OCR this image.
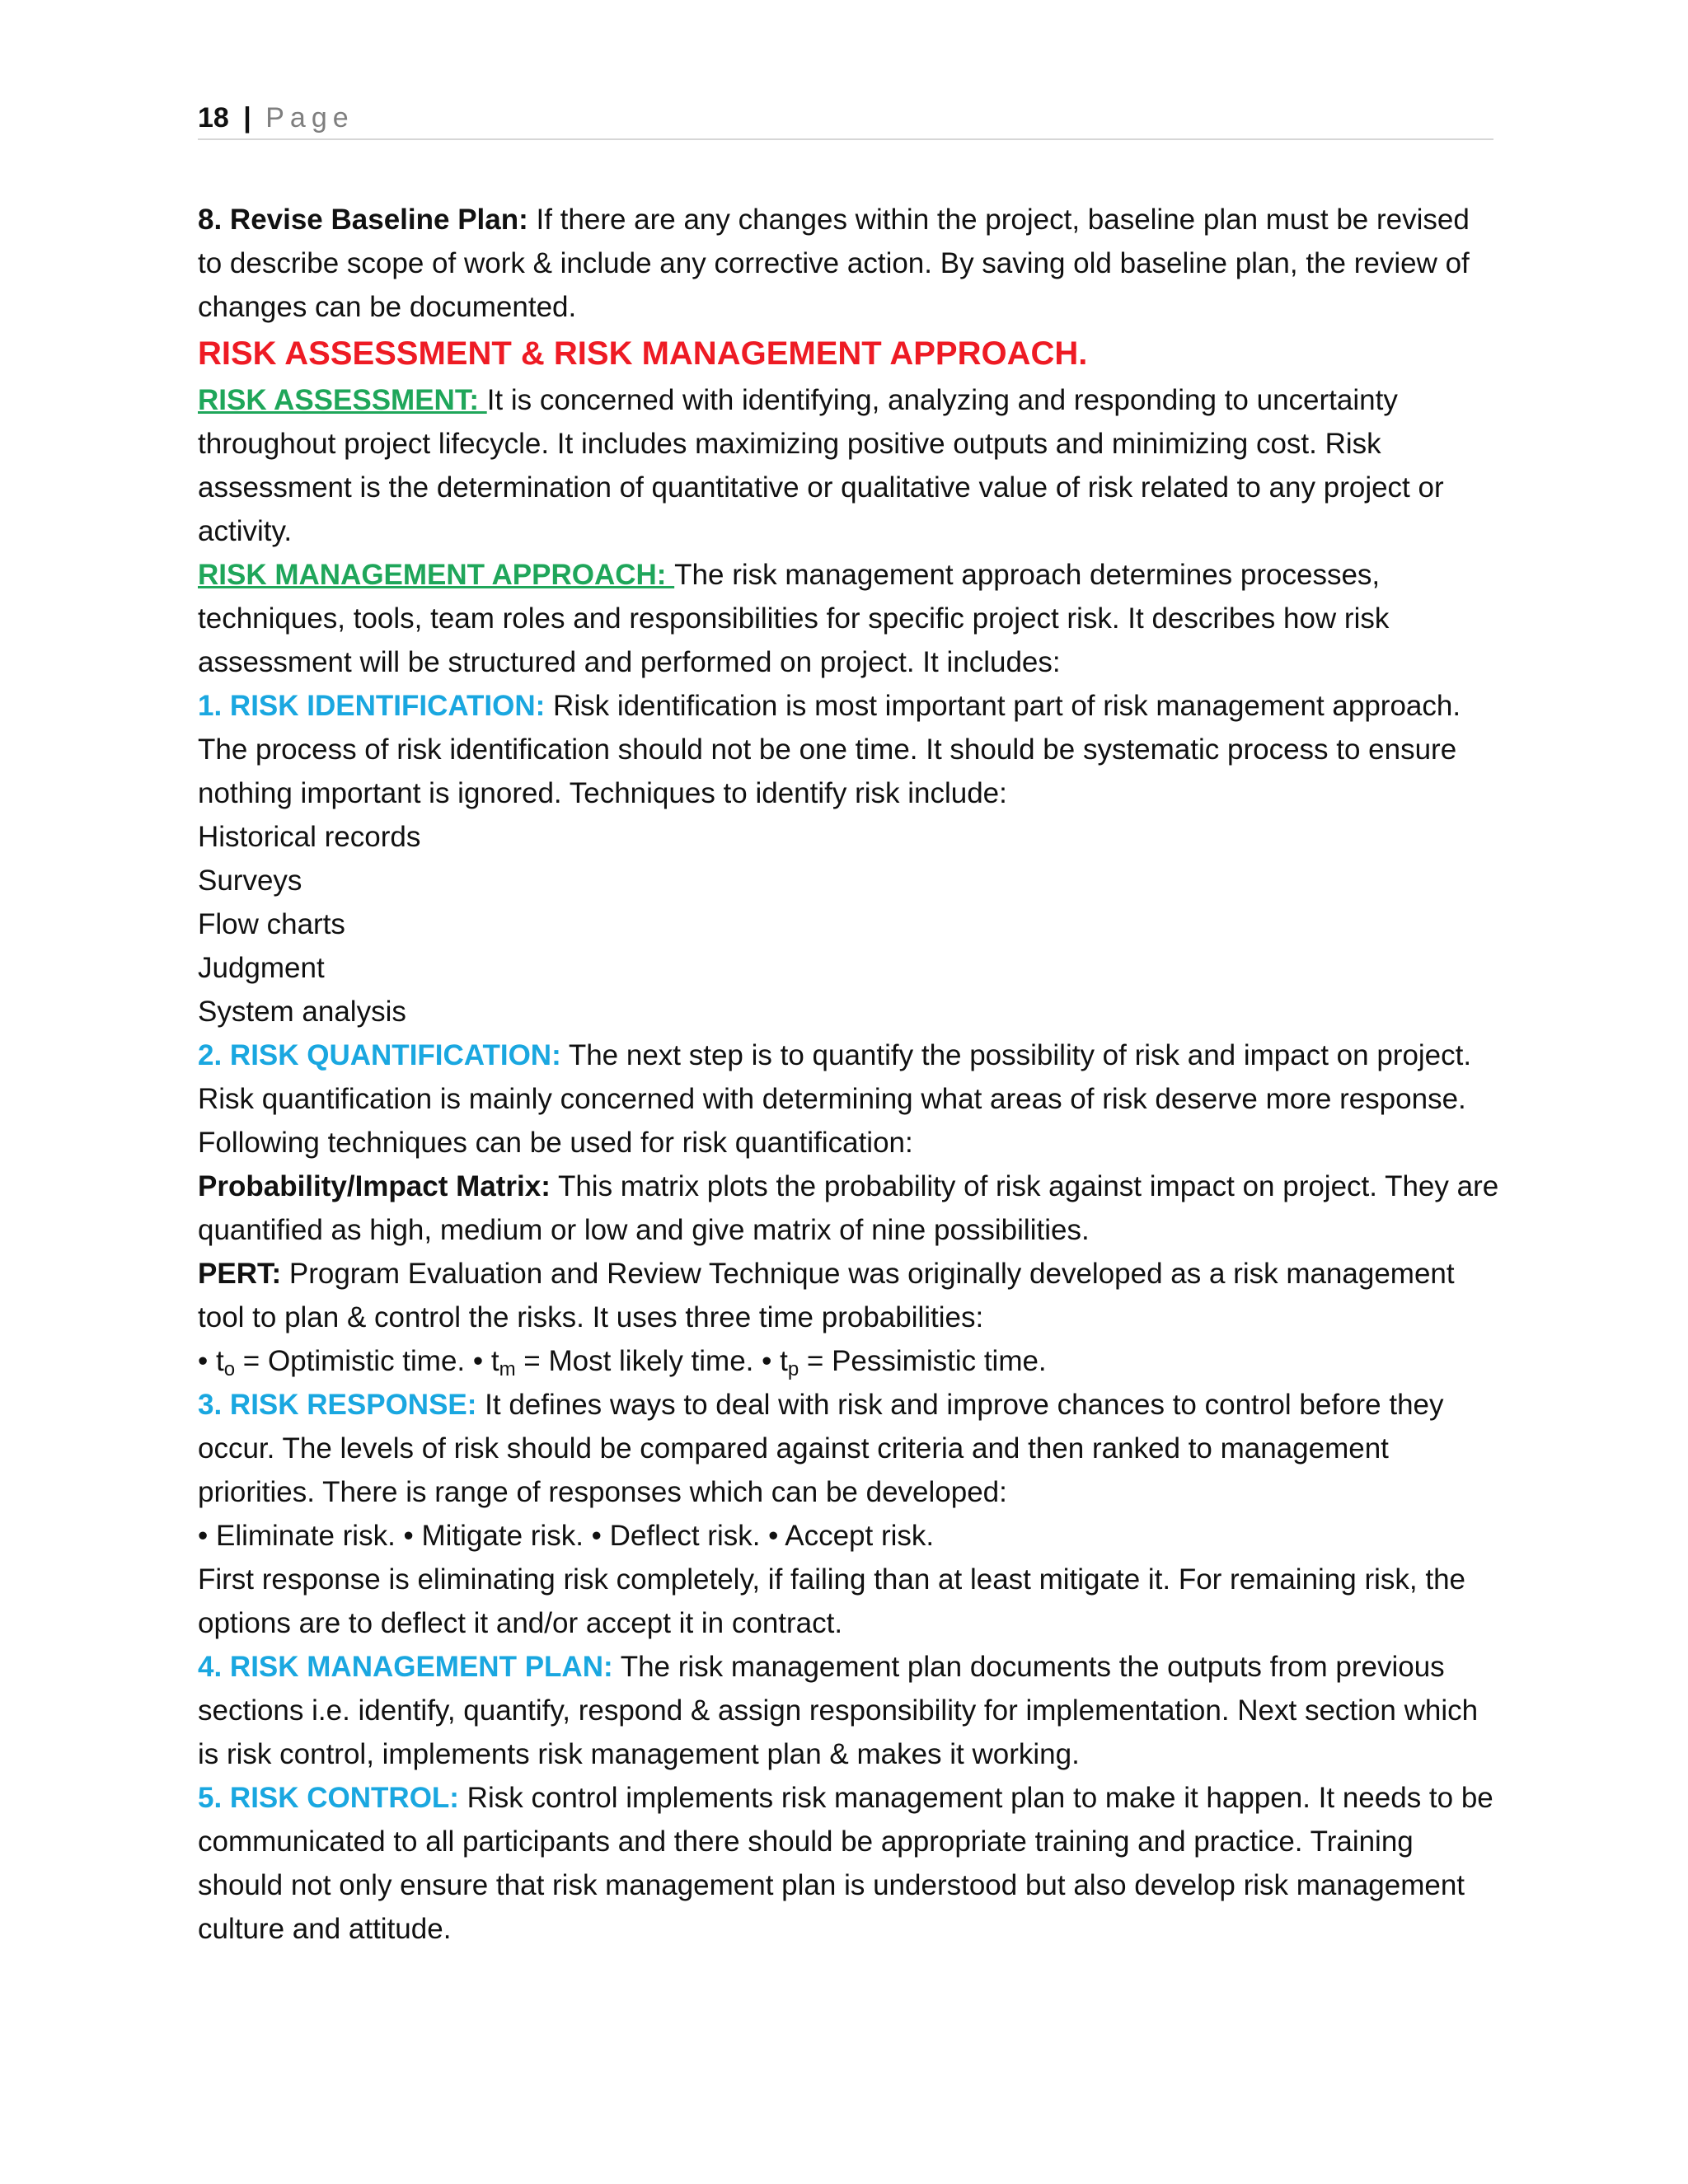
18 | Page

8. Revise Baseline Plan: If there are any changes within the project, baseline plan must be revised to describe scope of work & include any corrective action. By saving old baseline plan, the review of changes can be documented.

RISK ASSESSMENT & RISK MANAGEMENT APPROACH.

RISK ASSESSMENT: It is concerned with identifying, analyzing and responding to uncertainty throughout project lifecycle. It includes maximizing positive outputs and minimizing cost. Risk assessment is the determination of quantitative or qualitative value of risk related to any project or activity.

RISK MANAGEMENT APPROACH: The risk management approach determines processes, techniques, tools, team roles and responsibilities for specific project risk. It describes how risk assessment will be structured and performed on project. It includes:

1. RISK IDENTIFICATION: Risk identification is most important part of risk management approach. The process of risk identification should not be one time. It should be systematic process to ensure nothing important is ignored. Techniques to identify risk include:

Historical records

Surveys

Flow charts

Judgment

System analysis

2. RISK QUANTIFICATION: The next step is to quantify the possibility of risk and impact on project. Risk quantification is mainly concerned with determining what areas of risk deserve more response. Following techniques can be used for risk quantification:

Probability/Impact Matrix: This matrix plots the probability of risk against impact on project. They are quantified as high, medium or low and give matrix of nine possibilities.

PERT: Program Evaluation and Review Technique was originally developed as a risk management tool to plan & control the risks. It uses three time probabilities:

• $t_o$ = Optimistic time. • $t_m$ = Most likely time. • $t_p$ = Pessimistic time.

3. RISK RESPONSE: It defines ways to deal with risk and improve chances to control before they occur. The levels of risk should be compared against criteria and then ranked to management priorities. There is range of responses which can be developed:

• Eliminate risk. • Mitigate risk. • Deflect risk. • Accept risk.

First response is eliminating risk completely, if failing than at least mitigate it. For remaining risk, the options are to deflect it and/or accept it in contract.

4. RISK MANAGEMENT PLAN: The risk management plan documents the outputs from previous sections i.e. identify, quantify, respond & assign responsibility for implementation. Next section which is risk control, implements risk management plan & makes it working.

5. RISK CONTROL: Risk control implements risk management plan to make it happen. It needs to be communicated to all participants and there should be appropriate training and practice. Training should not only ensure that risk management plan is understood but also develop risk management culture and attitude.
